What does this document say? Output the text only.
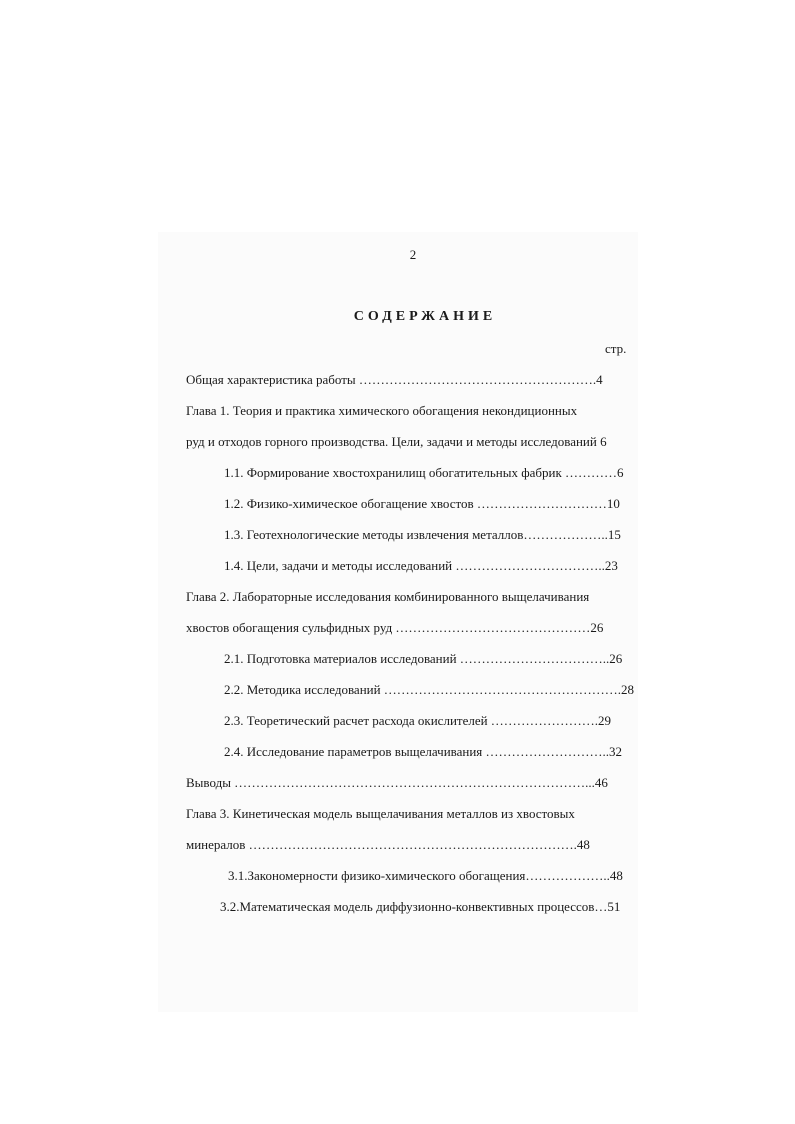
2
СОДЕРЖАНИЕ
стр.
Общая характеристика работы ……………………………………………….4
Глава 1. Теория и практика химического обогащения некондиционных
руд и отходов горного производства. Цели, задачи и методы исследований 6
1.1. Формирование хвостохранилищ обогатительных фабрик …………6
1.2. Физико-химическое обогащение хвостов …………………………10
1.3. Геотехнологические методы извлечения металлов………………..15
1.4. Цели, задачи и методы исследований ……………………………..23
Глава 2. Лабораторные исследования комбинированного выщелачивания
хвостов обогащения сульфидных руд ………………………………………26
2.1. Подготовка материалов исследований ……………………………..26
2.2. Методика исследований ……………………………………………….28
2.3. Теоретический расчет расхода окислителей …………………….29
2.4. Исследование параметров выщелачивания ………………………..32
Выводы ………………………………………………………………………...46
Глава 3. Кинетическая модель выщелачивания металлов из хвостовых
минералов ………………………………………………………………….48
3.1.Закономерности физико-химического обогащения………………..48
3.2.Математическая модель диффузионно-конвективных процессов…51
